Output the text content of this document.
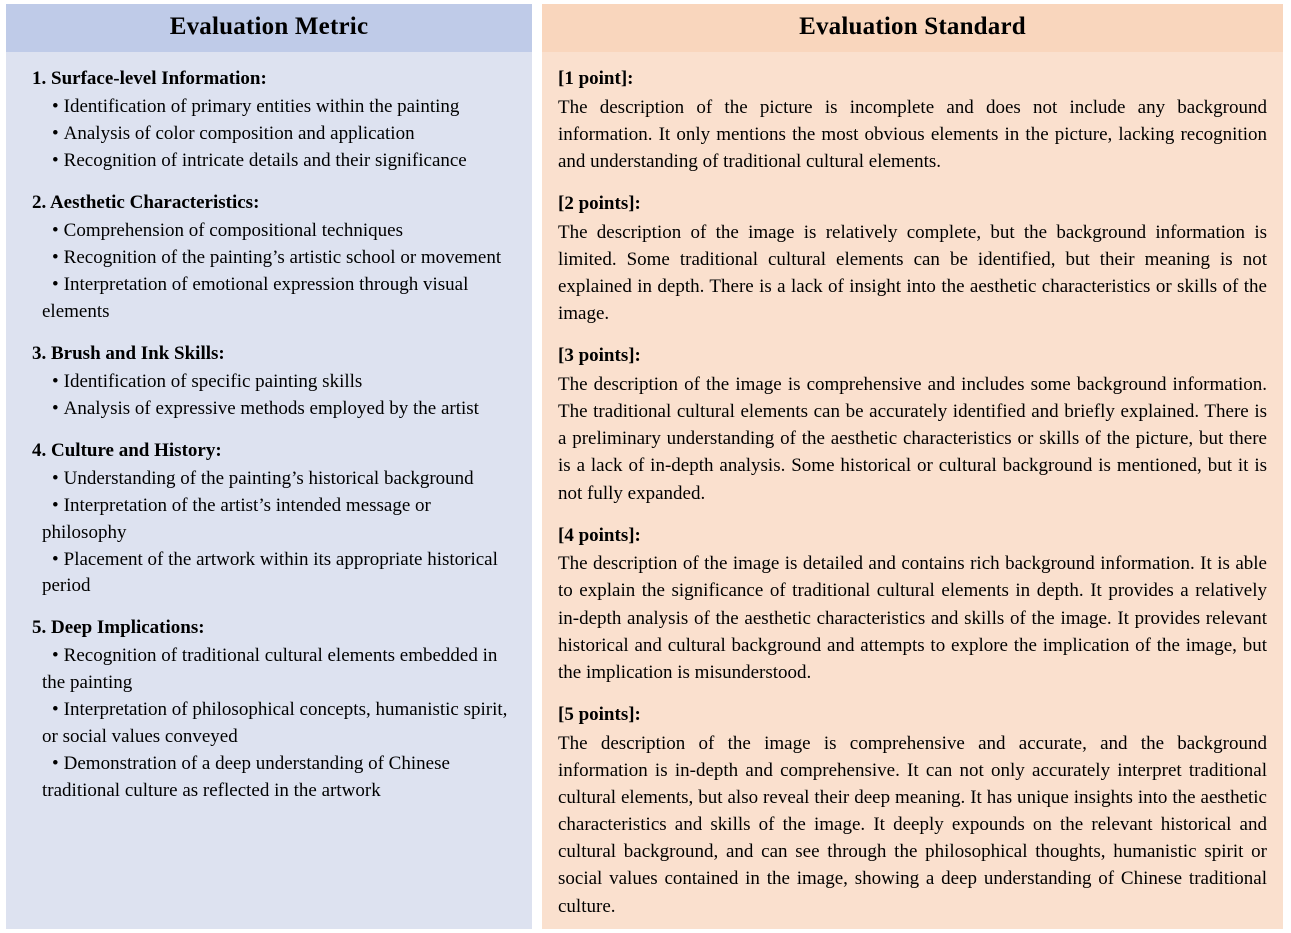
Evaluation Metric
1. Surface-level Information:
• Identification of primary entities within the painting
• Analysis of color composition and application
• Recognition of intricate details and their significance
2. Aesthetic Characteristics:
• Comprehension of compositional techniques
• Recognition of the painting’s artistic school or movement
• Interpretation of emotional expression through visual elements
3. Brush and Ink Skills:
• Identification of specific painting skills
• Analysis of expressive methods employed by the artist
4. Culture and History:
• Understanding of the painting’s historical background
• Interpretation of the artist’s intended message or philosophy
• Placement of the artwork within its appropriate historical period
5. Deep Implications:
• Recognition of traditional cultural elements embedded in the painting
• Interpretation of philosophical concepts, humanistic spirit, or social values conveyed
• Demonstration of a deep understanding of Chinese traditional culture as reflected in the artwork
Evaluation Standard
[1 point]:
The description of the picture is incomplete and does not include any background information. It only mentions the most obvious elements in the picture, lacking recognition and understanding of traditional cultural elements.
[2 points]:
The description of the image is relatively complete, but the background information is limited. Some traditional cultural elements can be identified, but their meaning is not explained in depth. There is a lack of insight into the aesthetic characteristics or skills of the image.
[3 points]:
The description of the image is comprehensive and includes some background information. The traditional cultural elements can be accurately identified and briefly explained. There is a preliminary understanding of the aesthetic characteristics or skills of the picture, but there is a lack of in-depth analysis. Some historical or cultural background is mentioned, but it is not fully expanded.
[4 points]:
The description of the image is detailed and contains rich background information. It is able to explain the significance of traditional cultural elements in depth. It provides a relatively in-depth analysis of the aesthetic characteristics and skills of the image. It provides relevant historical and cultural background and attempts to explore the implication of the image, but the implication is misunderstood.
[5 points]:
The description of the image is comprehensive and accurate, and the background information is in-depth and comprehensive. It can not only accurately interpret traditional cultural elements, but also reveal their deep meaning. It has unique insights into the aesthetic characteristics and skills of the image. It deeply expounds on the relevant historical and cultural background, and can see through the philosophical thoughts, humanistic spirit or social values contained in the image, showing a deep understanding of Chinese traditional culture.
